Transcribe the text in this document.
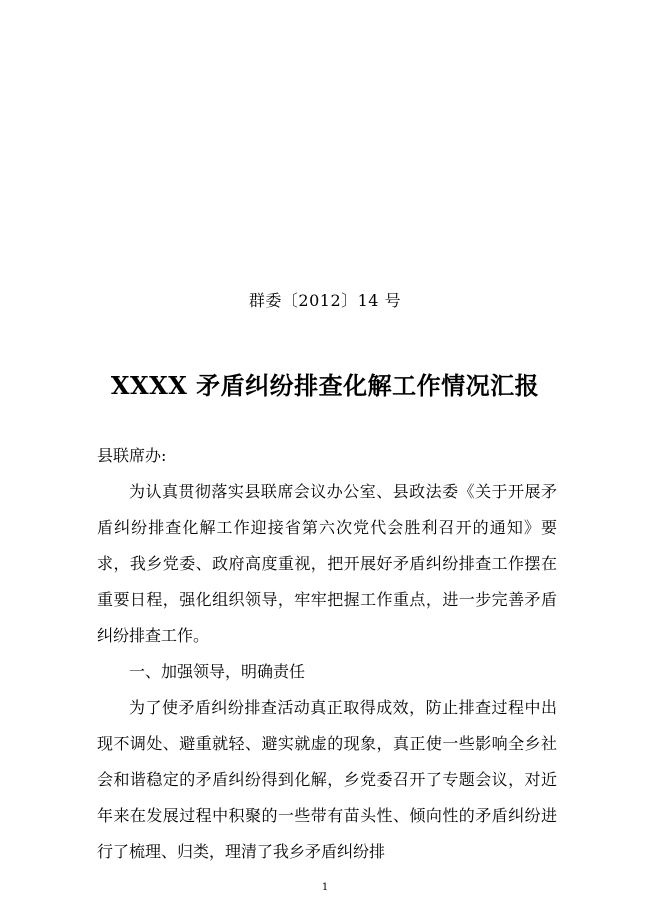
群委〔2012〕14 号
XXXX 矛盾纠纷排查化解工作情况汇报

县联席办:

为认真贯彻落实县联席会议办公室、县政法委《关于开展矛盾纠纷排查化解工作迎接省第六次党代会胜利召开的通知》要求，我乡党委、政府高度重视，把开展好矛盾纠纷排查工作摆在重要日程，强化组织领导，牢牢把握工作重点，进一步完善矛盾纠纷排查工作。

一、加强领导，明确责任

为了使矛盾纠纷排查活动真正取得成效，防止排查过程中出现不调处、避重就轻、避实就虚的现象，真正使一些影响全乡社会和谐稳定的矛盾纠纷得到化解，乡党委召开了专题会议，对近年来在发展过程中积聚的一些带有苗头性、倾向性的矛盾纠纷进行了梳理、归类，理清了我乡矛盾纠纷排

1
